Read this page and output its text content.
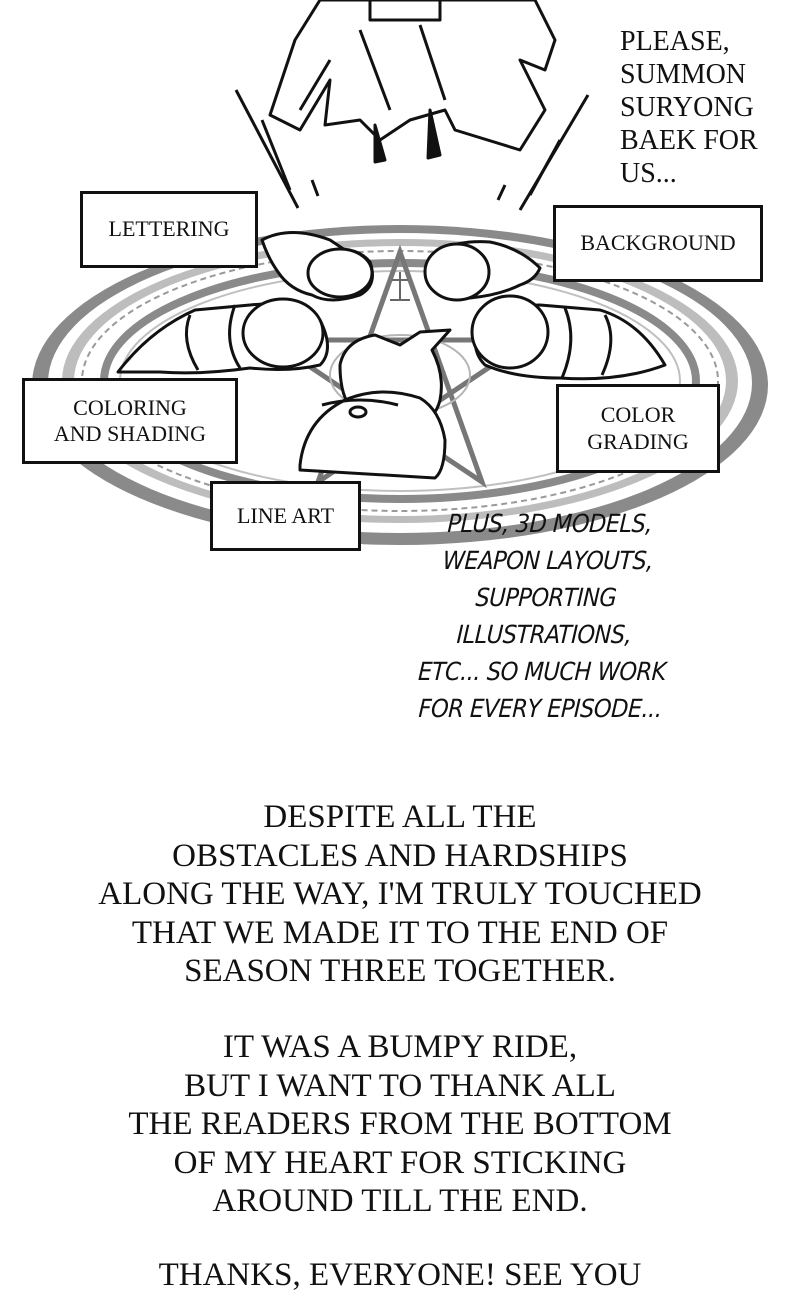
PLEASE,
SUMMON
SURYONG
BAEK FOR
US...
LETTERING
BACKGROUND
COLORING
AND SHADING
COLOR
GRADING
LINE ART	PLUS, 3D MODELS,
WEAPON LAYOUTS,
SUPPORTING
ILLUSTRATIONS,
ETC... SO MUCH WORK
FOR EVERY EPISODE...
DESPITE ALL THE
OBSTACLES AND HARDSHIPS
ALONG THE WAY, I'M TRULY TOUCHED
THAT WE MADE IT TO THE END OF
SEASON THREE TOGETHER.
IT WAS A BUMPY RIDE,
BUT I WANT TO THANK ALL
THE READERS FROM THE BOTTOM
OF MY HEART FOR STICKING
AROUND TILL THE END.
THANKS, EVERYONE! SEE YOU
